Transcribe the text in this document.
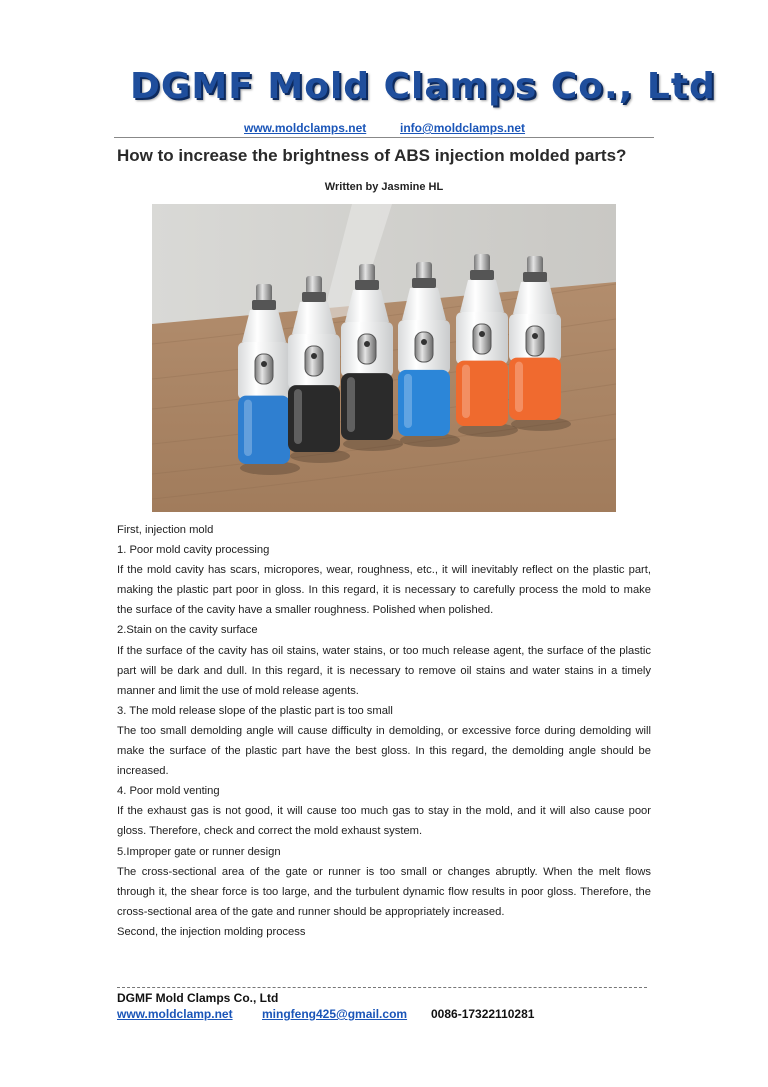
DGMF Mold Clamps Co., Ltd
www.moldclamps.net	info@moldclamps.net
How to increase the brightness of ABS injection molded parts?
Written by Jasmine HL

First, injection mold

1. Poor mold cavity processing

If the mold cavity has scars, micropores, wear, roughness, etc., it will inevitably reflect on the plastic part, making the plastic part poor in gloss. In this regard, it is necessary to carefully process the mold to make the surface of the cavity have a smaller roughness. Polished when polished.

2.Stain on the cavity surface

If the surface of the cavity has oil stains, water stains, or too much release agent, the surface of the plastic part will be dark and dull. In this regard, it is necessary to remove oil stains and water stains in a timely manner and limit the use of mold release agents.

3. The mold release slope of the plastic part is too small

The too small demolding angle will cause difficulty in demolding, or excessive force during demolding will make the surface of the plastic part have the best gloss. In this regard, the demolding angle should be increased.

4. Poor mold venting

If the exhaust gas is not good, it will cause too much gas to stay in the mold, and it will also cause poor gloss. Therefore, check and correct the mold exhaust system.

5.Improper gate or runner design

The cross-sectional area of the gate or runner is too small or changes abruptly. When the melt flows through it, the shear force is too large, and the turbulent dynamic flow results in poor gloss. Therefore, the cross-sectional area of the gate and runner should be appropriately increased.

Second, the injection molding process

DGMF Mold Clamps Co., Ltd
www.moldclamp.net mingfeng425@gmail.com 0086-17322110281
